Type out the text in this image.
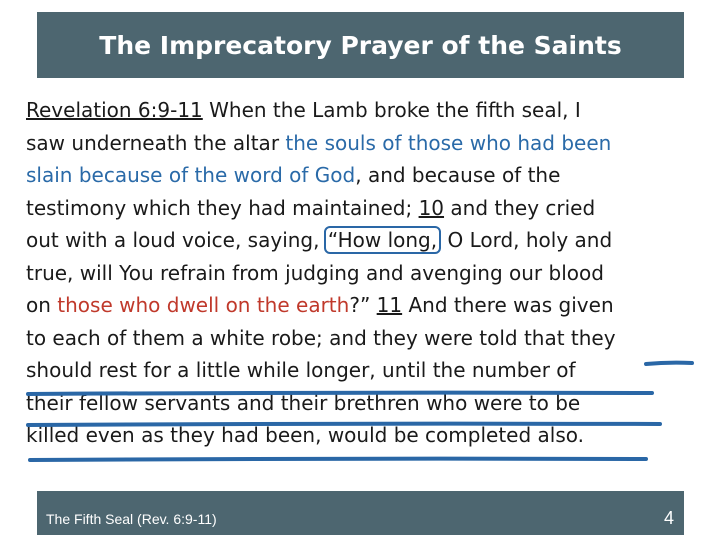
The Imprecatory Prayer of the Saints
Revelation 6:9-11 When the Lamb broke the fifth seal, I
saw underneath the altar the souls of those who had been
slain because of the word of God, and because of the
testimony which they had maintained; 10 and they cried
out with a loud voice, saying, “How long, O Lord, holy and
true, will You refrain from judging and avenging our blood
on those who dwell on the earth?” 11 And there was given
to each of them a white robe; and they were told that they
should rest for a little while longer, until the number of
their fellow servants and their brethren who were to be
killed even as they had been, would be completed also.
The Fifth Seal (Rev. 6:9-11)	4
